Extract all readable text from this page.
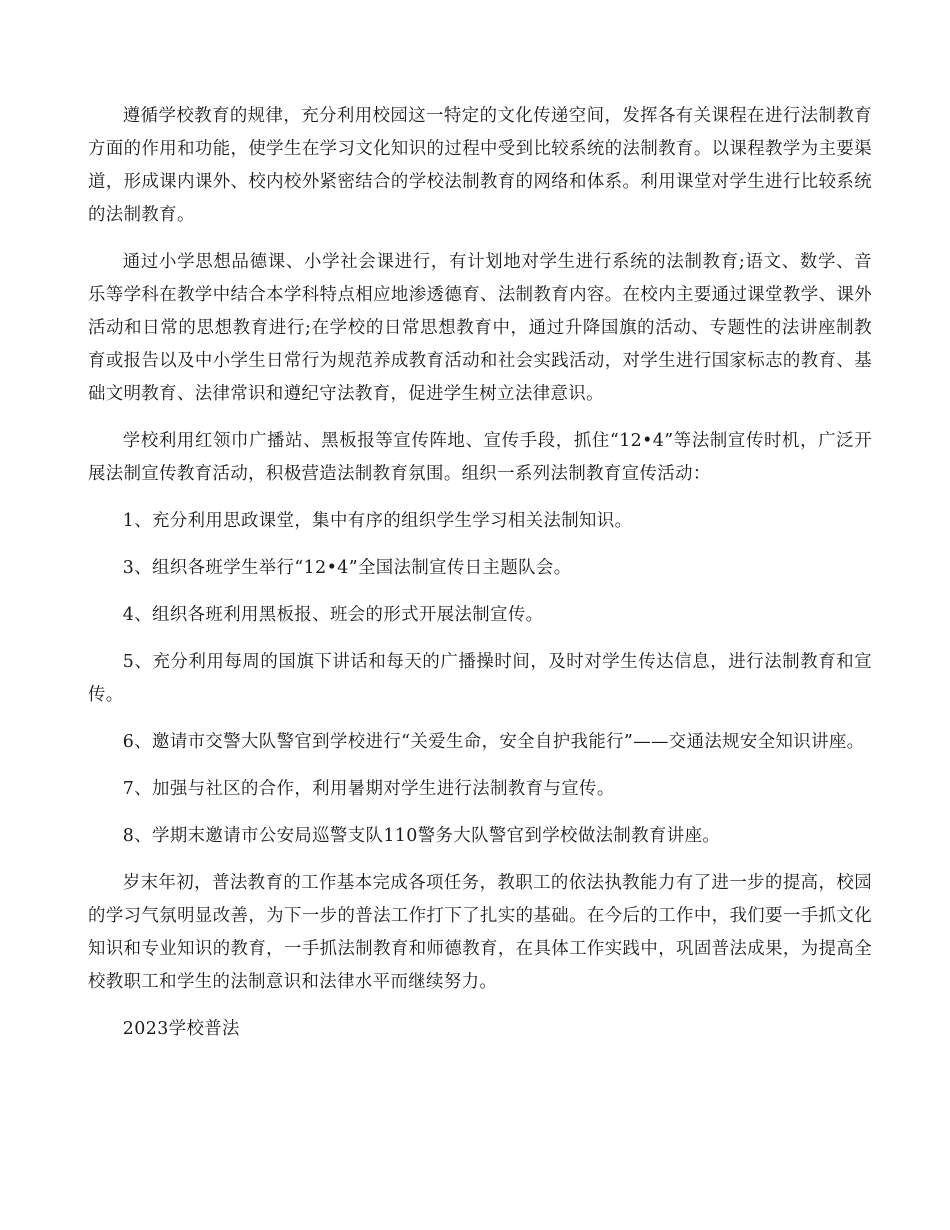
遵循学校教育的规律，充分利用校园这一特定的文化传递空间，发挥各有关课程在进行法制教育方面的作用和功能，使学生在学习文化知识的过程中受到比较系统的法制教育。以课程教学为主要渠道，形成课内课外、校内校外紧密结合的学校法制教育的网络和体系。利用课堂对学生进行比较系统的法制教育。

通过小学思想品德课、小学社会课进行，有计划地对学生进行系统的法制教育;语文、数学、音乐等学科在教学中结合本学科特点相应地渗透德育、法制教育内容。在校内主要通过课堂教学、课外活动和日常的思想教育进行;在学校的日常思想教育中，通过升降国旗的活动、专题性的法讲座制教育或报告以及中小学生日常行为规范养成教育活动和社会实践活动，对学生进行国家标志的教育、基础文明教育、法律常识和遵纪守法教育，促进学生树立法律意识。

学校利用红领巾广播站、黑板报等宣传阵地、宣传手段，抓住“12•4”等法制宣传时机，广泛开展法制宣传教育活动，积极营造法制教育氛围。组织一系列法制教育宣传活动：

1、充分利用思政课堂，集中有序的组织学生学习相关法制知识。

3、组织各班学生举行“12•4”全国法制宣传日主题队会。

4、组织各班利用黑板报、班会的形式开展法制宣传。

5、充分利用每周的国旗下讲话和每天的广播操时间，及时对学生传达信息，进行法制教育和宣传。

6、邀请市交警大队警官到学校进行“关爱生命，安全自护我能行”——交通法规安全知识讲座。

7、加强与社区的合作，利用暑期对学生进行法制教育与宣传。

8、学期末邀请市公安局巡警支队110警务大队警官到学校做法制教育讲座。

岁末年初，普法教育的工作基本完成各项任务，教职工的依法执教能力有了进一步的提高，校园的学习气氛明显改善，为下一步的普法工作打下了扎实的基础。在今后的工作中，我们要一手抓文化知识和专业知识的教育，一手抓法制教育和师德教育，在具体工作实践中，巩固普法成果，为提高全校教职工和学生的法制意识和法律水平而继续努力。

2023学校普法
